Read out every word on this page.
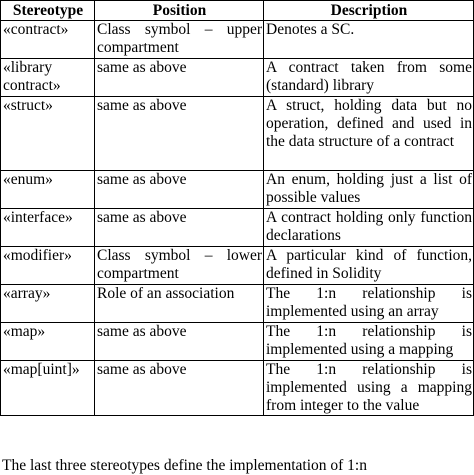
Stereotype	Position	Description
«contract»	Class symbol – upper compartment	Denotes a SC.
«library contract»	same as above	A contract taken from some (standard) library
«struct»	same as above	A struct, holding data but no operation, defined and used in the data structure of a contract
«enum»	same as above	An enum, holding just a list of possible values
«interface»	same as above	A contract holding only function declarations
«modifier»	Class symbol – lower compartment	A particular kind of function, defined in Solidity
«array»	Role of an association	The 1:n relationship is implemented using an array
«map»	same as above	The 1:n relationship is implemented using a mapping
«map[uint]»	same as above	The 1:n relationship is implemented using a mapping from integer to the value
The last three stereotypes define the implementation of 1:n
